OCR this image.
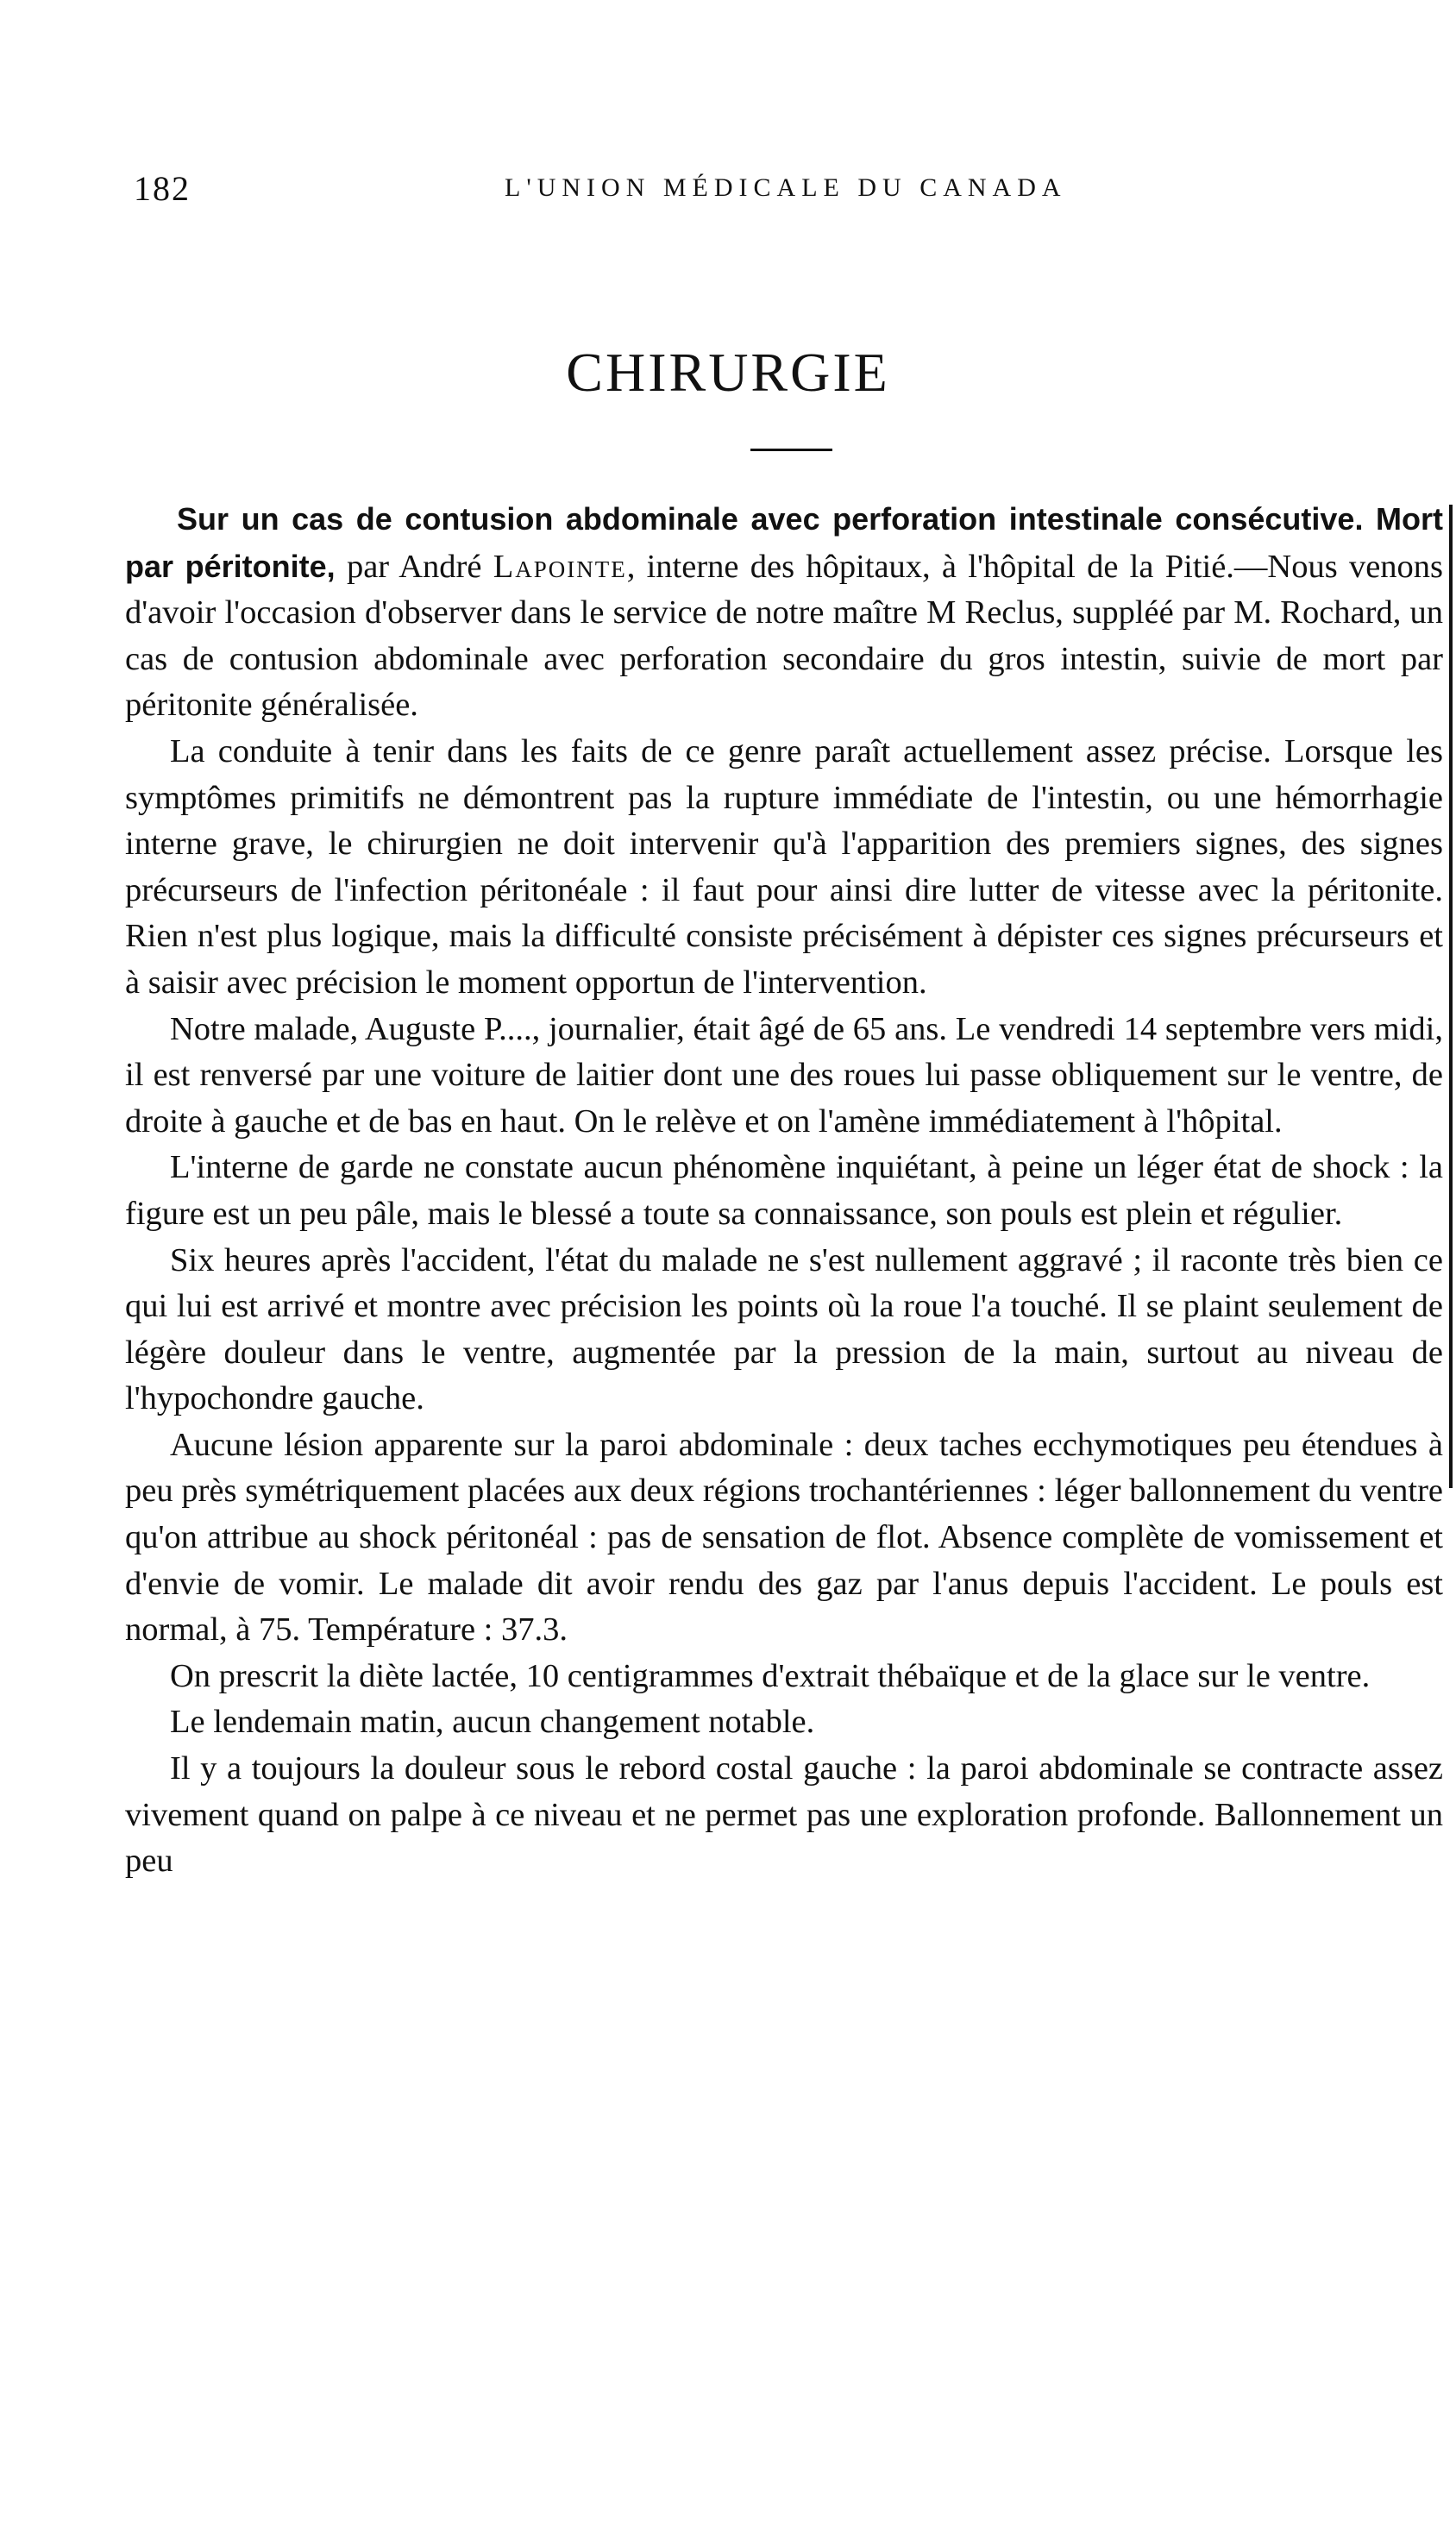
182	L'UNION MÉDICALE DU CANADA
CHIRURGIE

Sur un cas de contusion abdominale avec perforation intestinale consécutive. Mort par péritonite, par André Lapointe, interne des hôpitaux, à l'hôpital de la Pitié.—Nous venons d'avoir l'occasion d'observer dans le service de notre maître M Reclus, suppléé par M. Rochard, un cas de contusion abdominale avec perforation secondaire du gros intestin, suivie de mort par péritonite généralisée.

La conduite à tenir dans les faits de ce genre paraît actuellement assez précise. Lorsque les symptômes primitifs ne démontrent pas la rupture immédiate de l'intestin, ou une hémorrhagie interne grave, le chirurgien ne doit intervenir qu'à l'apparition des premiers signes, des signes précurseurs de l'infection péritonéale : il faut pour ainsi dire lutter de vitesse avec la péritonite. Rien n'est plus logique, mais la difficulté consiste précisément à dépister ces signes précurseurs et à saisir avec précision le moment opportun de l'intervention.

Notre malade, Auguste P...., journalier, était âgé de 65 ans. Le vendredi 14 septembre vers midi, il est renversé par une voiture de laitier dont une des roues lui passe obliquement sur le ventre, de droite à gauche et de bas en haut. On le relève et on l'amène immédiatement à l'hôpital.

L'interne de garde ne constate aucun phénomène inquiétant, à peine un léger état de shock : la figure est un peu pâle, mais le blessé a toute sa connaissance, son pouls est plein et régulier.

Six heures après l'accident, l'état du malade ne s'est nullement aggravé ; il raconte très bien ce qui lui est arrivé et montre avec précision les points où la roue l'a touché. Il se plaint seulement de légère douleur dans le ventre, augmentée par la pression de la main, surtout au niveau de l'hypochondre gauche.

Aucune lésion apparente sur la paroi abdominale : deux taches ecchymotiques peu étendues à peu près symétriquement placées aux deux régions trochantériennes : léger ballonnement du ventre qu'on attribue au shock péritonéal : pas de sensation de flot. Absence complète de vomissement et d'envie de vomir. Le malade dit avoir rendu des gaz par l'anus depuis l'accident. Le pouls est normal, à 75. Température : 37.3.

On prescrit la diète lactée, 10 centigrammes d'extrait thébaïque et de la glace sur le ventre.

Le lendemain matin, aucun changement notable.

Il y a toujours la douleur sous le rebord costal gauche : la paroi abdominale se contracte assez vivement quand on palpe à ce niveau et ne permet pas une exploration profonde. Ballonnement un peu
